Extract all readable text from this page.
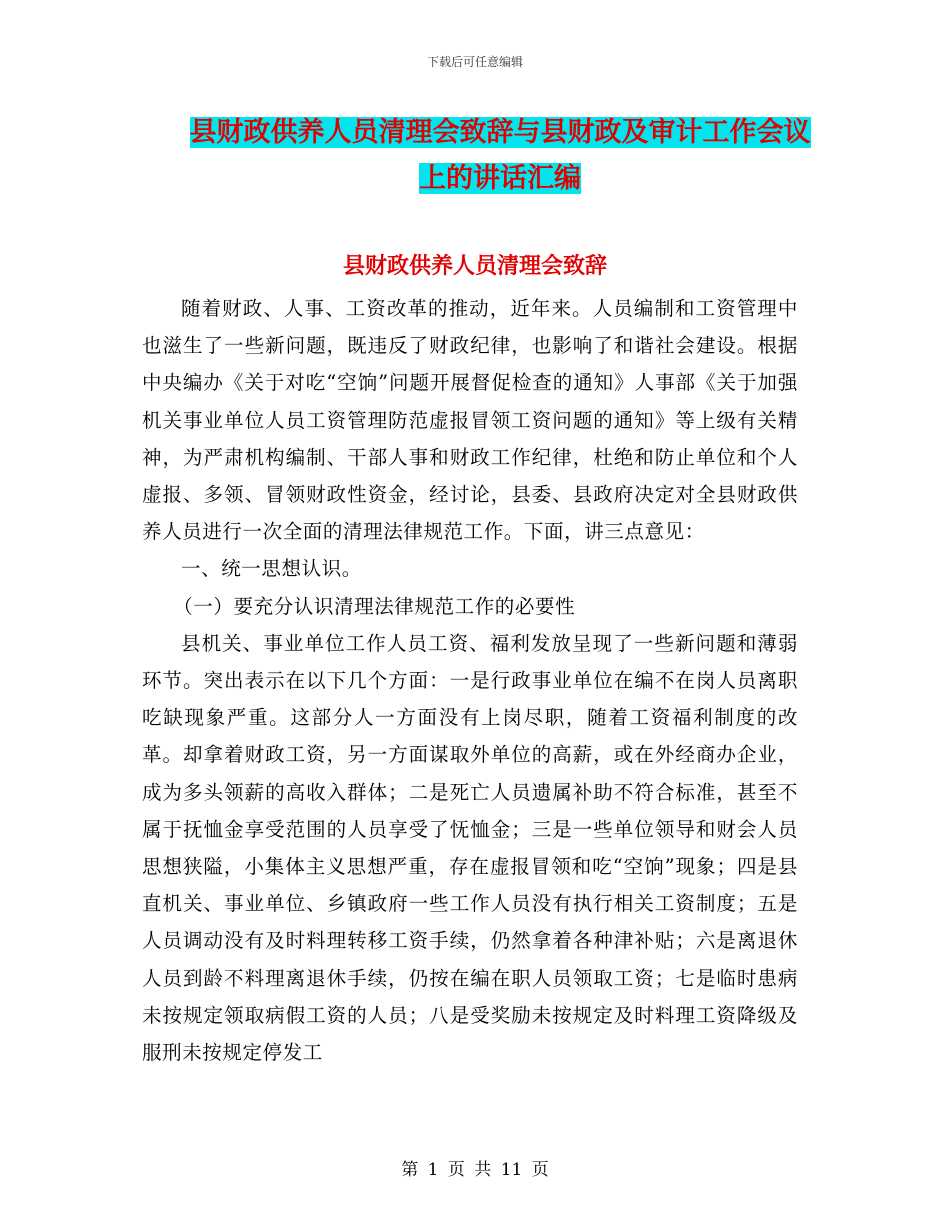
下载后可任意编辑
县财政供养人员清理会致辞与县财政及审计工作会议
上的讲话汇编
县财政供养人员清理会致辞

随着财政、人事、工资改革的推动，近年来。人员编制和工资管理中也滋生了一些新问题，既违反了财政纪律，也影响了和谐社会建设。根据中央编办《关于对吃“空饷”问题开展督促检查的通知》人事部《关于加强机关事业单位人员工资管理防范虚报冒领工资问题的通知》等上级有关精神，为严肃机构编制、干部人事和财政工作纪律，杜绝和防止单位和个人虚报、多领、冒领财政性资金，经讨论，县委、县政府决定对全县财政供养人员进行一次全面的清理法律规范工作。下面，讲三点意见：

一、统一思想认识。

（一）要充分认识清理法律规范工作的必要性

县机关、事业单位工作人员工资、福利发放呈现了一些新问题和薄弱环节。突出表示在以下几个方面：一是行政事业单位在编不在岗人员离职吃缺现象严重。这部分人一方面没有上岗尽职，随着工资福利制度的改革。却拿着财政工资，另一方面谋取外单位的高薪，或在外经商办企业，成为多头领薪的高收入群体；二是死亡人员遗属补助不符合标准，甚至不属于抚恤金享受范围的人员享受了怃恤金；三是一些单位领导和财会人员思想狭隘，小集体主义思想严重，存在虚报冒领和吃“空饷”现象；四是县直机关、事业单位、乡镇政府一些工作人员没有执行相关工资制度；五是人员调动没有及时料理转移工资手续，仍然拿着各种津补贴；六是离退休人员到龄不料理离退休手续，仍按在编在职人员领取工资；七是临时患病未按规定领取病假工资的人员；八是受奖励未按规定及时料理工资降级及服刑未按规定停发工

第 1 页 共 11 页
